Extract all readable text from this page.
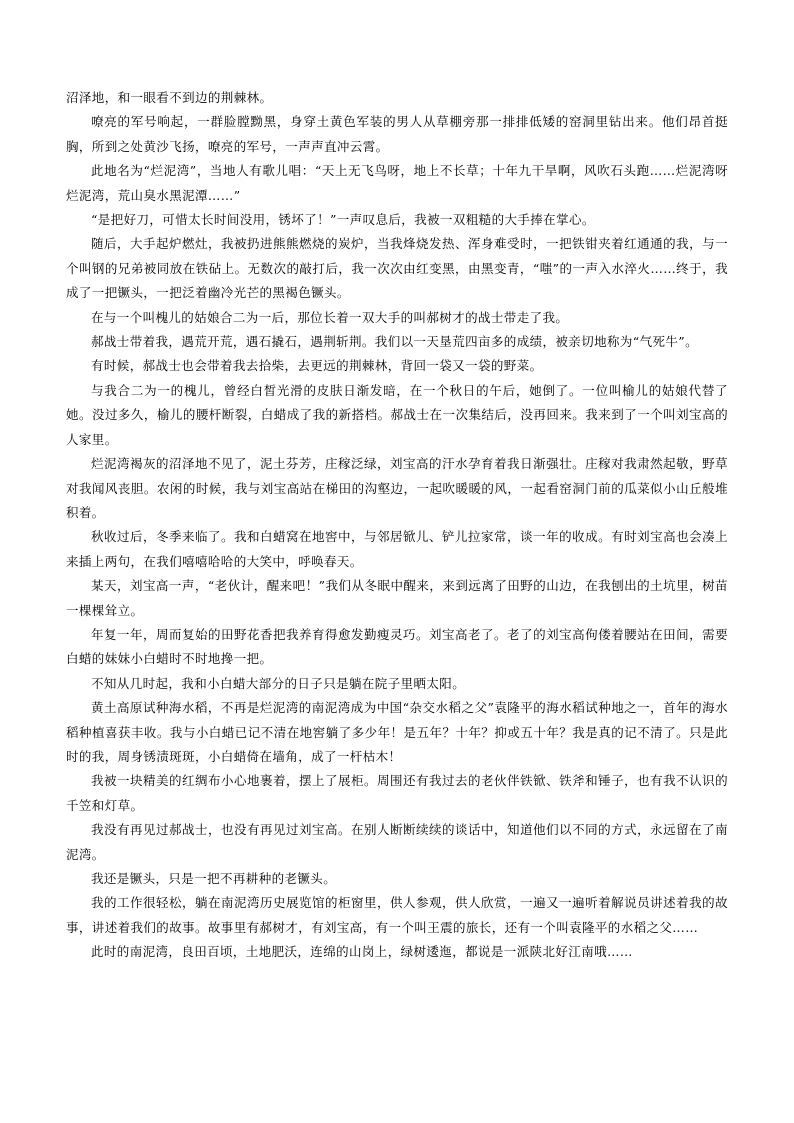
沼泽地，和一眼看不到边的荆棘林。

嘹亮的军号响起，一群脸膛黝黑，身穿土黄色军装的男人从草棚旁那一排排低矮的窑洞里钻出来。他们昂首挺胸，所到之处黄沙飞扬，嘹亮的军号，一声声直冲云霄。

此地名为“烂泥湾”，当地人有歌儿唱：“天上无飞鸟呀，地上不长草；十年九干旱啊，风吹石头跑……烂泥湾呀烂泥湾，荒山臭水黑泥潭……”

“是把好刀，可惜太长时间没用，锈坏了！”一声叹息后，我被一双粗糙的大手捧在掌心。

随后，大手起炉燃灶，我被扔进熊熊燃烧的炭炉，当我烽烧发热、浑身难受时，一把铁钳夹着红通通的我，与一个叫钢的兄弟被同放在铁砧上。无数次的敲打后，我一次次由红变黑，由黑变青，“嗤”的一声入水淬火……终于，我成了一把镢头，一把泛着幽冷光芒的黑褐色镢头。

在与一个叫槐儿的姑娘合二为一后，那位长着一双大手的叫郝树才的战士带走了我。

郝战士带着我，遇荒开荒，遇石撬石，遇荆斩荆。我们以一天垦荒四亩多的成绩，被亲切地称为“气死牛”。

有时候，郝战士也会带着我去拾柴，去更远的荆棘林，背回一袋又一袋的野菜。

与我合二为一的槐儿，曾经白皙光滑的皮肤日渐发暗，在一个秋日的午后，她倒了。一位叫榆儿的姑娘代替了她。没过多久，榆儿的腰杆断裂，白蜡成了我的新搭档。郝战士在一次集结后，没再回来。我来到了一个叫刘宝高的人家里。

烂泥湾褐灰的沼泽地不见了，泥土芬芳，庄稼泛绿，刘宝高的汗水孕育着我日渐强壮。庄稼对我肃然起敬，野草对我闻风丧胆。农闲的时候，我与刘宝高站在梯田的沟壑边，一起吹暖暖的风，一起看窑洞门前的瓜菜似小山丘般堆积着。

秋收过后，冬季来临了。我和白蜡窝在地窖中，与邻居锨儿、铲儿拉家常，谈一年的收成。有时刘宝高也会凑上来插上两句，在我们嘻嘻哈哈的大笑中，呼唤春天。

某天，刘宝高一声，“老伙计，醒来吧！”我们从冬眠中醒来，来到远离了田野的山边，在我刨出的土坑里，树苗一棵棵耸立。

年复一年，周而复始的田野花香把我养育得愈发勤瘦灵巧。刘宝高老了。老了的刘宝高佝偻着腰站在田间，需要白蜡的妹妹小白蜡时不时地搀一把。

不知从几时起，我和小白蜡大部分的日子只是躺在院子里晒太阳。

黄土高原试种海水稻，不再是烂泥湾的南泥湾成为中国“杂交水稻之父”袁隆平的海水稻试种地之一，首年的海水稻种植喜获丰收。我与小白蜡已记不清在地窖躺了多少年！是五年？十年？抑或五十年？我是真的记不清了。只是此时的我，周身锈渍斑斑，小白蜡倚在墙角，成了一杆枯木！

我被一块精美的红绸布小心地裹着，摆上了展柜。周围还有我过去的老伙伴铁锨、铁斧和锤子，也有我不认识的千笠和灯草。

我没有再见过郝战士，也没有再见过刘宝高。在别人断断续续的谈话中，知道他们以不同的方式，永远留在了南泥湾。

我还是镢头，只是一把不再耕种的老镢头。

我的工作很轻松，躺在南泥湾历史展览馆的柜窗里，供人参观，供人欣赏，一遍又一遍听着解说员讲述着我的故事，讲述着我们的故事。故事里有郝树才，有刘宝高，有一个叫王震的旅长，还有一个叫袁隆平的水稻之父……

此时的南泥湾，良田百顷，土地肥沃，连绵的山岗上，绿树逶迤，都说是一派陕北好江南哦……
